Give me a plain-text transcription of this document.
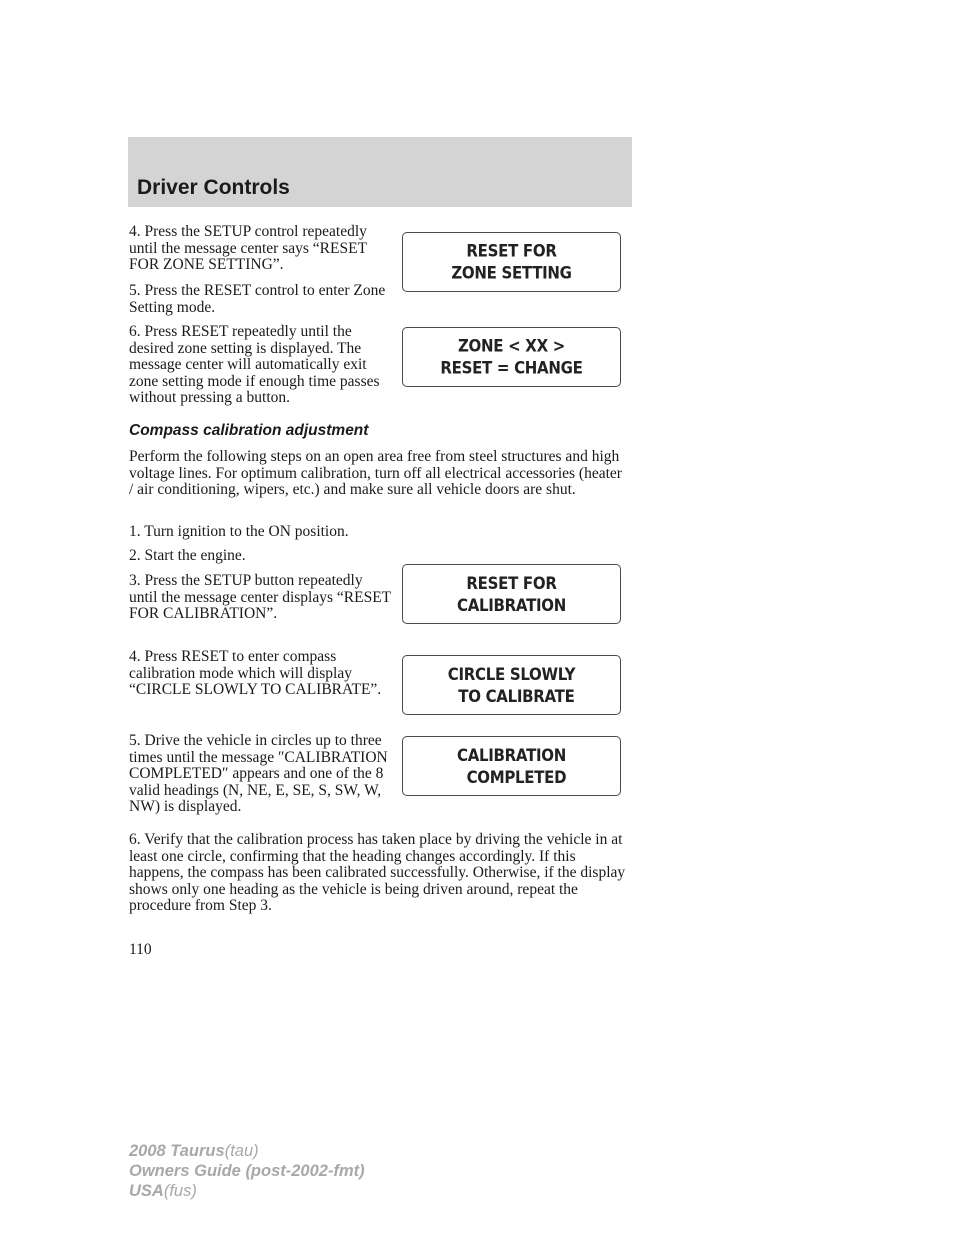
Driver Controls

4. Press the SETUP control repeatedly until the message center says “RESET FOR ZONE SETTING”.

5. Press the RESET control to enter Zone Setting mode.

6. Press RESET repeatedly until the desired zone setting is displayed. The message center will automatically exit zone setting mode if enough time passes without pressing a button.

Compass calibration adjustment

Perform the following steps on an open area free from steel structures and high voltage lines. For optimum calibration, turn off all electrical accessories (heater / air conditioning, wipers, etc.) and make sure all vehicle doors are shut.

1. Turn ignition to the ON position.

2. Start the engine.

3. Press the SETUP button repeatedly until the message center displays “RESET FOR CALIBRATION”.

4. Press RESET to enter compass calibration mode which will display “CIRCLE SLOWLY TO CALIBRATE”.

5. Drive the vehicle in circles up to three times until the message ″CALIBRATION COMPLETED″ appears and one of the 8 valid headings (N, NE, E, SE, S, SW, W, NW) is displayed.

6. Verify that the calibration process has taken place by driving the vehicle in at least one circle, confirming that the heading changes accordingly. If this happens, the compass has been calibrated successfully. Otherwise, if the display shows only one heading as the vehicle is being driven around, repeat the procedure from Step 3.

RESET FOR
ZONE SETTING
ZONE < XX >
RESET = CHANGE
RESET FOR
CALIBRATION
CIRCLE SLOWLY
TO CALIBRATE
CALIBRATION
COMPLETED
110
2008 Taurus(tau)
Owners Guide (post-2002-fmt)
USA(fus)
